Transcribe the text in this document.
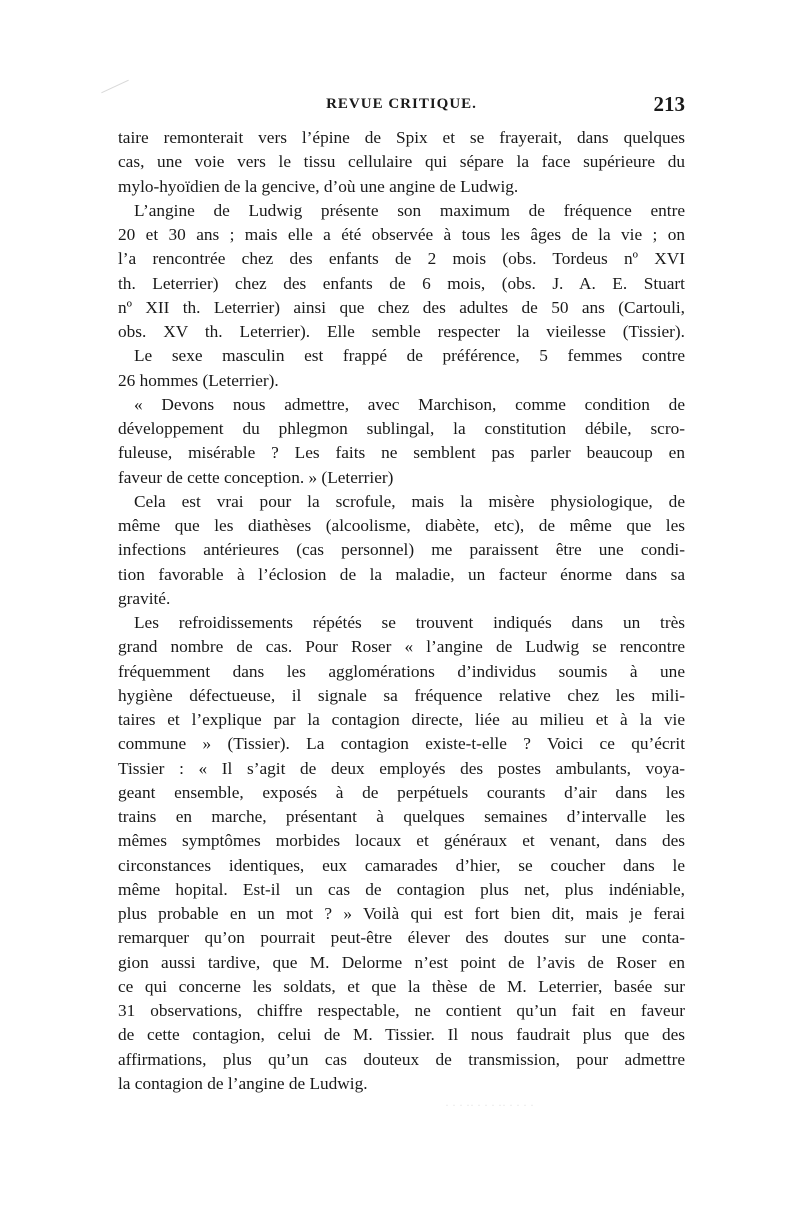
REVUE CRITIQUE.	213
taire remonterait vers l’épine de Spix et se frayerait, dans quelques
cas, une voie vers le tissu cellulaire qui sépare la face supérieure du
mylo-hyoïdien de la gencive, d’où une angine de Ludwig.
L’angine de Ludwig présente son maximum de fréquence entre
20 et 30 ans ; mais elle a été observée à tous les âges de la vie ; on
l’a rencontrée chez des enfants de 2 mois (obs. Tordeus nº XVI
th. Leterrier) chez des enfants de 6 mois, (obs. J. A. E. Stuart
nº XII th. Leterrier) ainsi que chez des adultes de 50 ans (Cartouli,
obs. XV th. Leterrier). Elle semble respecter la vieilesse (Tissier).
Le sexe masculin est frappé de préférence, 5 femmes contre
26 hommes (Leterrier).
« Devons nous admettre, avec Marchison, comme condition de
développement du phlegmon sublingal, la constitution débile, scro-
fuleuse, misérable ? Les faits ne semblent pas parler beaucoup en
faveur de cette conception. » (Leterrier)
Cela est vrai pour la scrofule, mais la misère physiologique, de
même que les diathèses (alcoolisme, diabète, etc), de même que les
infections antérieures (cas personnel) me paraissent être une condi-
tion favorable à l’éclosion de la maladie, un facteur énorme dans sa
gravité.
Les refroidissements répétés se trouvent indiqués dans un très
grand nombre de cas. Pour Roser « l’angine de Ludwig se rencontre
fréquemment dans les agglomérations d’individus soumis à une
hygiène défectueuse, il signale sa fréquence relative chez les mili-
taires et l’explique par la contagion directe, liée au milieu et à la vie
commune » (Tissier). La contagion existe-t-elle ? Voici ce qu’écrit
Tissier : « Il s’agit de deux employés des postes ambulants, voya-
geant ensemble, exposés à de perpétuels courants d’air dans les
trains en marche, présentant à quelques semaines d’intervalle les
mêmes symptômes morbides locaux et généraux et venant, dans des
circonstances identiques, eux camarades d’hier, se coucher dans le
même hopital. Est-il un cas de contagion plus net, plus indéniable,
plus probable en un mot ? » Voilà qui est fort bien dit, mais je ferai
remarquer qu’on pourrait peut-être élever des doutes sur une conta-
gion aussi tardive, que M. Delorme n’est point de l’avis de Roser en
ce qui concerne les soldats, et que la thèse de M. Leterrier, basée sur
31 observations, chiffre respectable, ne contient qu’un fait en faveur
de cette contagion, celui de M. Tissier. Il nous faudrait plus que des
affirmations, plus qu’un cas douteux de transmission, pour admettre
la contagion de l’angine de Ludwig.
· · · ·· · · · ·· · · · ·
